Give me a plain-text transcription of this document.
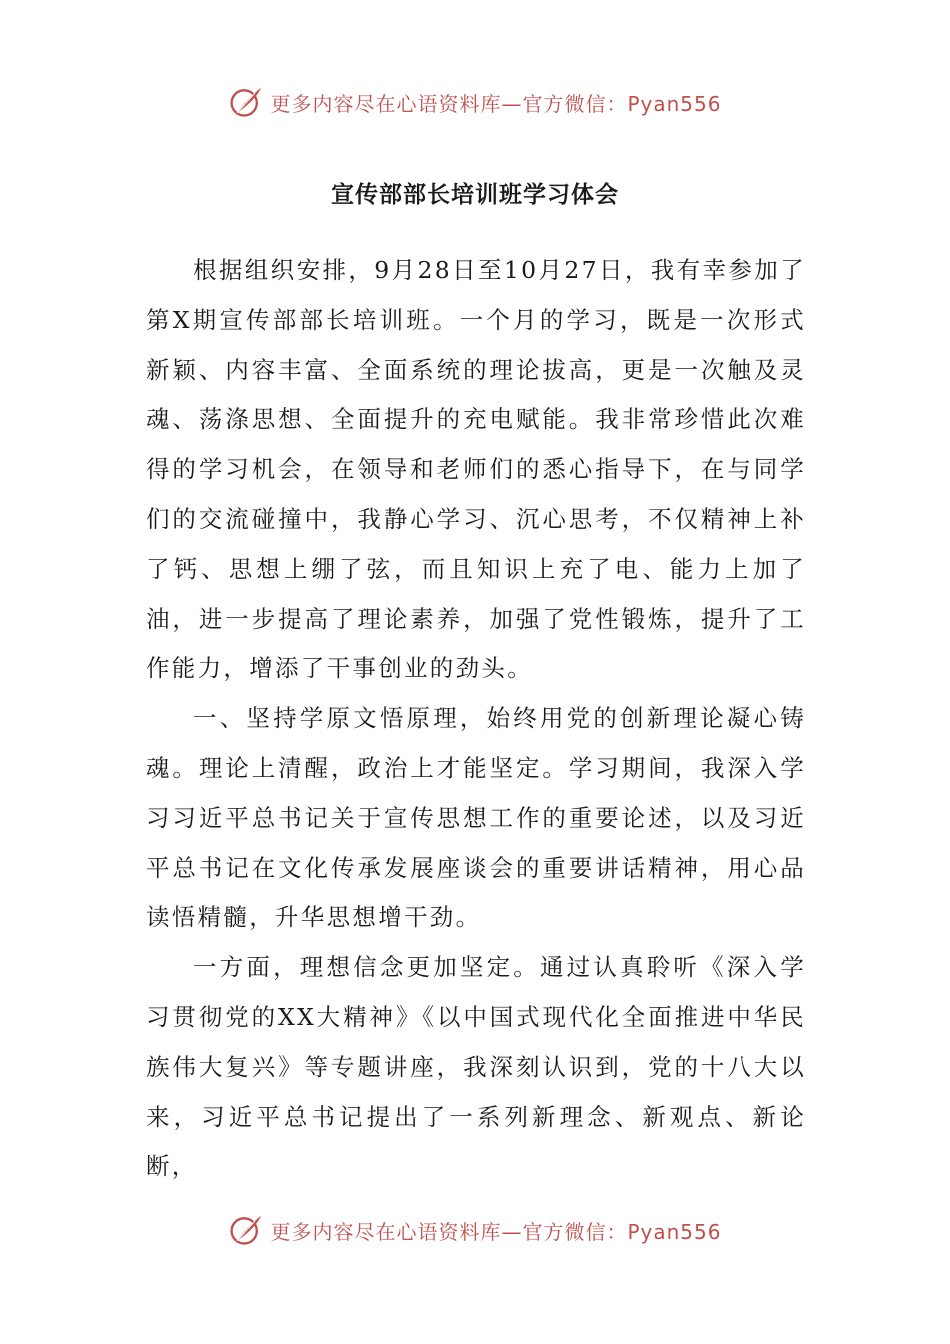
更多内容尽在心语资料库—官方微信：Pyan556
宣传部部长培训班学习体会

根据组织安排，9月28日至10月27日，我有幸参加了第X期宣传部部长培训班。一个月的学习，既是一次形式新颖、内容丰富、全面系统的理论拔高，更是一次触及灵魂、荡涤思想、全面提升的充电赋能。我非常珍惜此次难得的学习机会，在领导和老师们的悉心指导下，在与同学们的交流碰撞中，我静心学习、沉心思考，不仅精神上补了钙、思想上绷了弦，而且知识上充了电、能力上加了油，进一步提高了理论素养，加强了党性锻炼，提升了工作能力，增添了干事创业的劲头。

一、坚持学原文悟原理，始终用党的创新理论凝心铸魂。理论上清醒，政治上才能坚定。学习期间，我深入学习习近平总书记关于宣传思想工作的重要论述，以及习近平总书记在文化传承发展座谈会的重要讲话精神，用心品读悟精髓，升华思想增干劲。

一方面，理想信念更加坚定。通过认真聆听《深入学习贯彻党的XX大精神》《以中国式现代化全面推进中华民族伟大复兴》等专题讲座，我深刻认识到，党的十八大以来，习近平总书记提出了一系列新理念、新观点、新论断，

更多内容尽在心语资料库—官方微信：Pyan556
